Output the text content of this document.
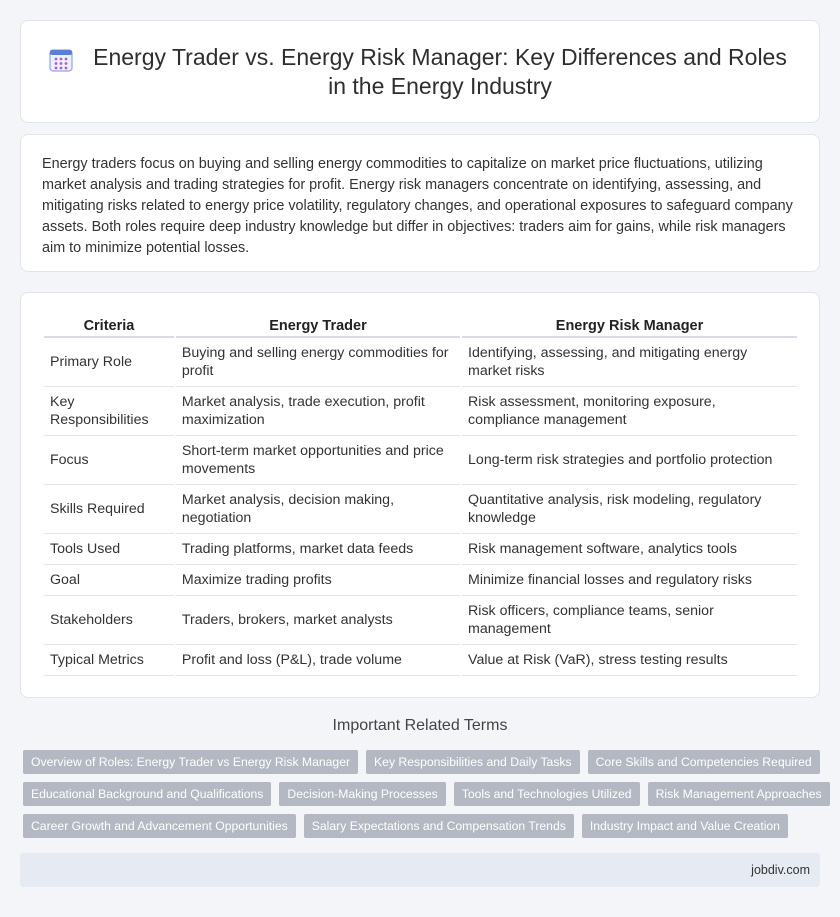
Energy Trader vs. Energy Risk Manager: Key Differences and Roles in the Energy Industry

Energy traders focus on buying and selling energy commodities to capitalize on market price fluctuations, utilizing market analysis and trading strategies for profit. Energy risk managers concentrate on identifying, assessing, and mitigating risks related to energy price volatility, regulatory changes, and operational exposures to safeguard company assets. Both roles require deep industry knowledge but differ in objectives: traders aim for gains, while risk managers aim to minimize potential losses.

Criteria	Energy Trader	Energy Risk Manager
Primary Role	Buying and selling energy commodities for profit	Identifying, assessing, and mitigating energy market risks
Key Responsibilities	Market analysis, trade execution, profit maximization	Risk assessment, monitoring exposure, compliance management
Focus	Short-term market opportunities and price movements	Long-term risk strategies and portfolio protection
Skills Required	Market analysis, decision making, negotiation	Quantitative analysis, risk modeling, regulatory knowledge
Tools Used	Trading platforms, market data feeds	Risk management software, analytics tools
Goal	Maximize trading profits	Minimize financial losses and regulatory risks
Stakeholders	Traders, brokers, market analysts	Risk officers, compliance teams, senior management
Typical Metrics	Profit and loss (P&L), trade volume	Value at Risk (VaR), stress testing results
Important Related Terms
Overview of Roles: Energy Trader vs Energy Risk Manager	Key Responsibilities and Daily Tasks	Core Skills and Competencies Required
Educational Background and Qualifications	Decision-Making Processes	Tools and Technologies Utilized	Risk Management Approaches
Career Growth and Advancement Opportunities	Salary Expectations and Compensation Trends	Industry Impact and Value Creation
jobdiv.com
